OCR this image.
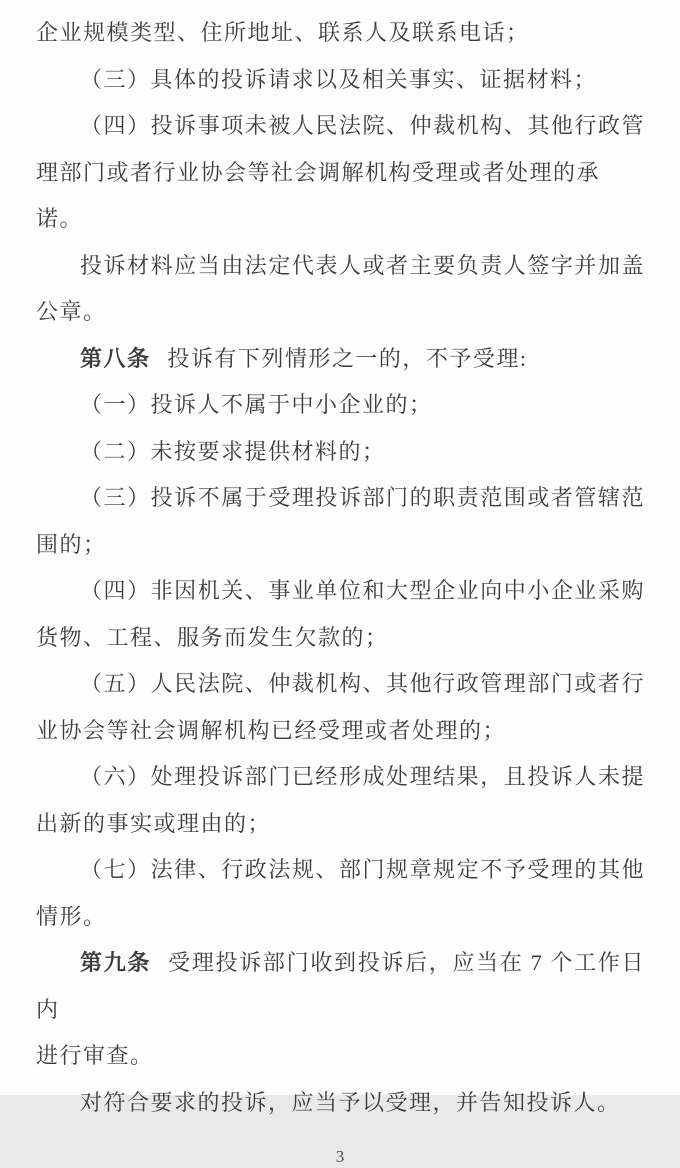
企业规模类型、住所地址、联系人及联系电话；
（三）具体的投诉请求以及相关事实、证据材料；
（四）投诉事项未被人民法院、仲裁机构、其他行政管
理部门或者行业协会等社会调解机构受理或者处理的承诺。
投诉材料应当由法定代表人或者主要负责人签字并加盖
公章。
第八条 投诉有下列情形之一的，不予受理:
（一）投诉人不属于中小企业的；
（二）未按要求提供材料的；
（三）投诉不属于受理投诉部门的职责范围或者管辖范
围的；
（四）非因机关、事业单位和大型企业向中小企业采购
货物、工程、服务而发生欠款的；
（五）人民法院、仲裁机构、其他行政管理部门或者行
业协会等社会调解机构已经受理或者处理的；
（六）处理投诉部门已经形成处理结果，且投诉人未提
出新的事实或理由的；
（七）法律、行政法规、部门规章规定不予受理的其他
情形。
第九条 受理投诉部门收到投诉后，应当在 7 个工作日内
进行审查。
对符合要求的投诉，应当予以受理，并告知投诉人。
3
